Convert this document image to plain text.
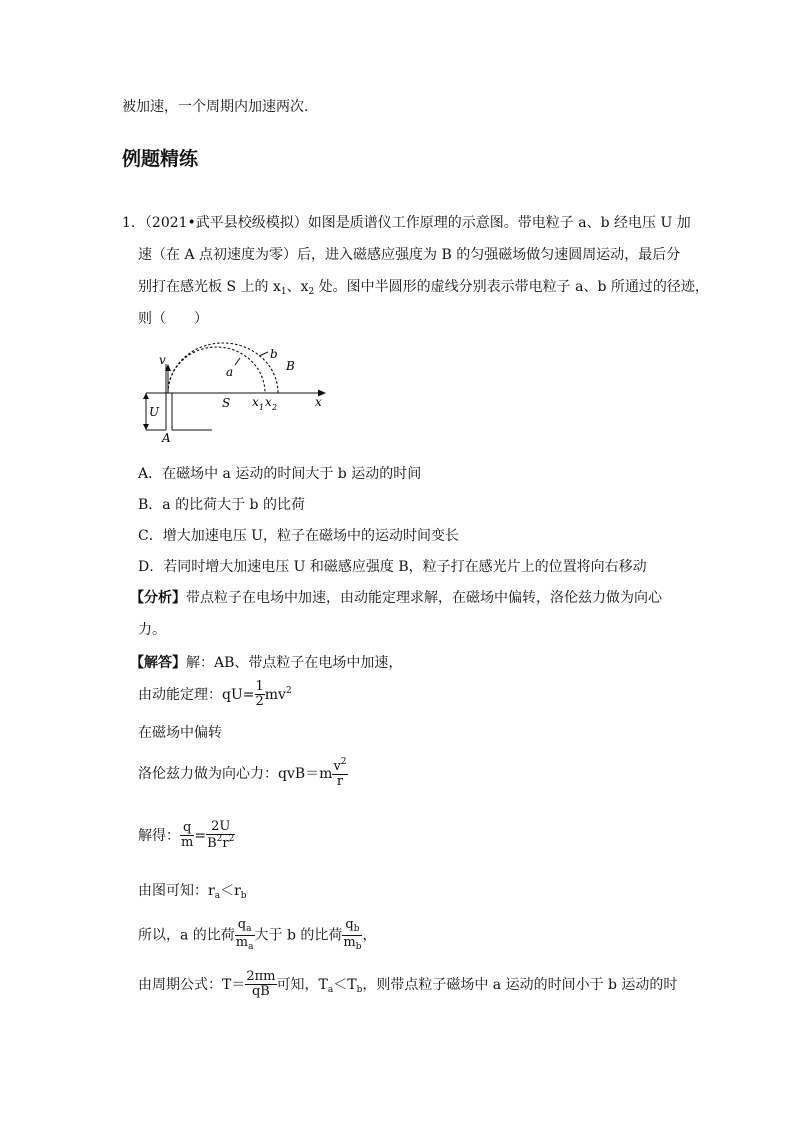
被加速，一个周期内加速两次．
例题精练
1．（2021•武平县校级模拟）如图是质谱仪工作原理的示意图。带电粒子 a、b 经电压 U 加
速（在 A 点初速度为零）后，进入磁感应强度为 B 的匀强磁场做匀速圆周运动，最后分
别打在感光板 S 上的 $x_1$、$x_2$ 处。图中半圆形的虚线分别表示带电粒子 a、b 所通过的径迹，
则（　　）
v
a
b
B
U
S x 1 x 2	x
A
A．在磁场中 a 运动的时间大于 b 运动的时间
B．a 的比荷大于 b 的比荷
C．增大加速电压 U，粒子在磁场中的运动时间变长
D．若同时增大加速电压 U 和磁感应强度 B，粒子打在感光片上的位置将向右移动
【分析】带点粒子在电场中加速，由动能定理求解，在磁场中偏转，洛伦兹力做为向心
力。
【解答】解：AB、带点粒子在电场中加速，
由动能定理：$qU= \frac{1}{2} mv^2$
在磁场中偏转
洛伦兹力做为向心力：$qvB=m \frac{v^2}{r}$
解得： $\frac{q}{m} = \frac{2U}{B^2r^2}$
由图可知：$r_a<r_b$
所以，a 的比荷 $\frac{q_a}{m_a}$ 大于 b 的比荷 $\frac{q_b}{m_b}$ ，
由周期公式：$T= \frac{2\pi m}{qB}$ 可知，$T_a<T_b$，则带点粒子磁场中 a 运动的时间小于 b 运动的时
